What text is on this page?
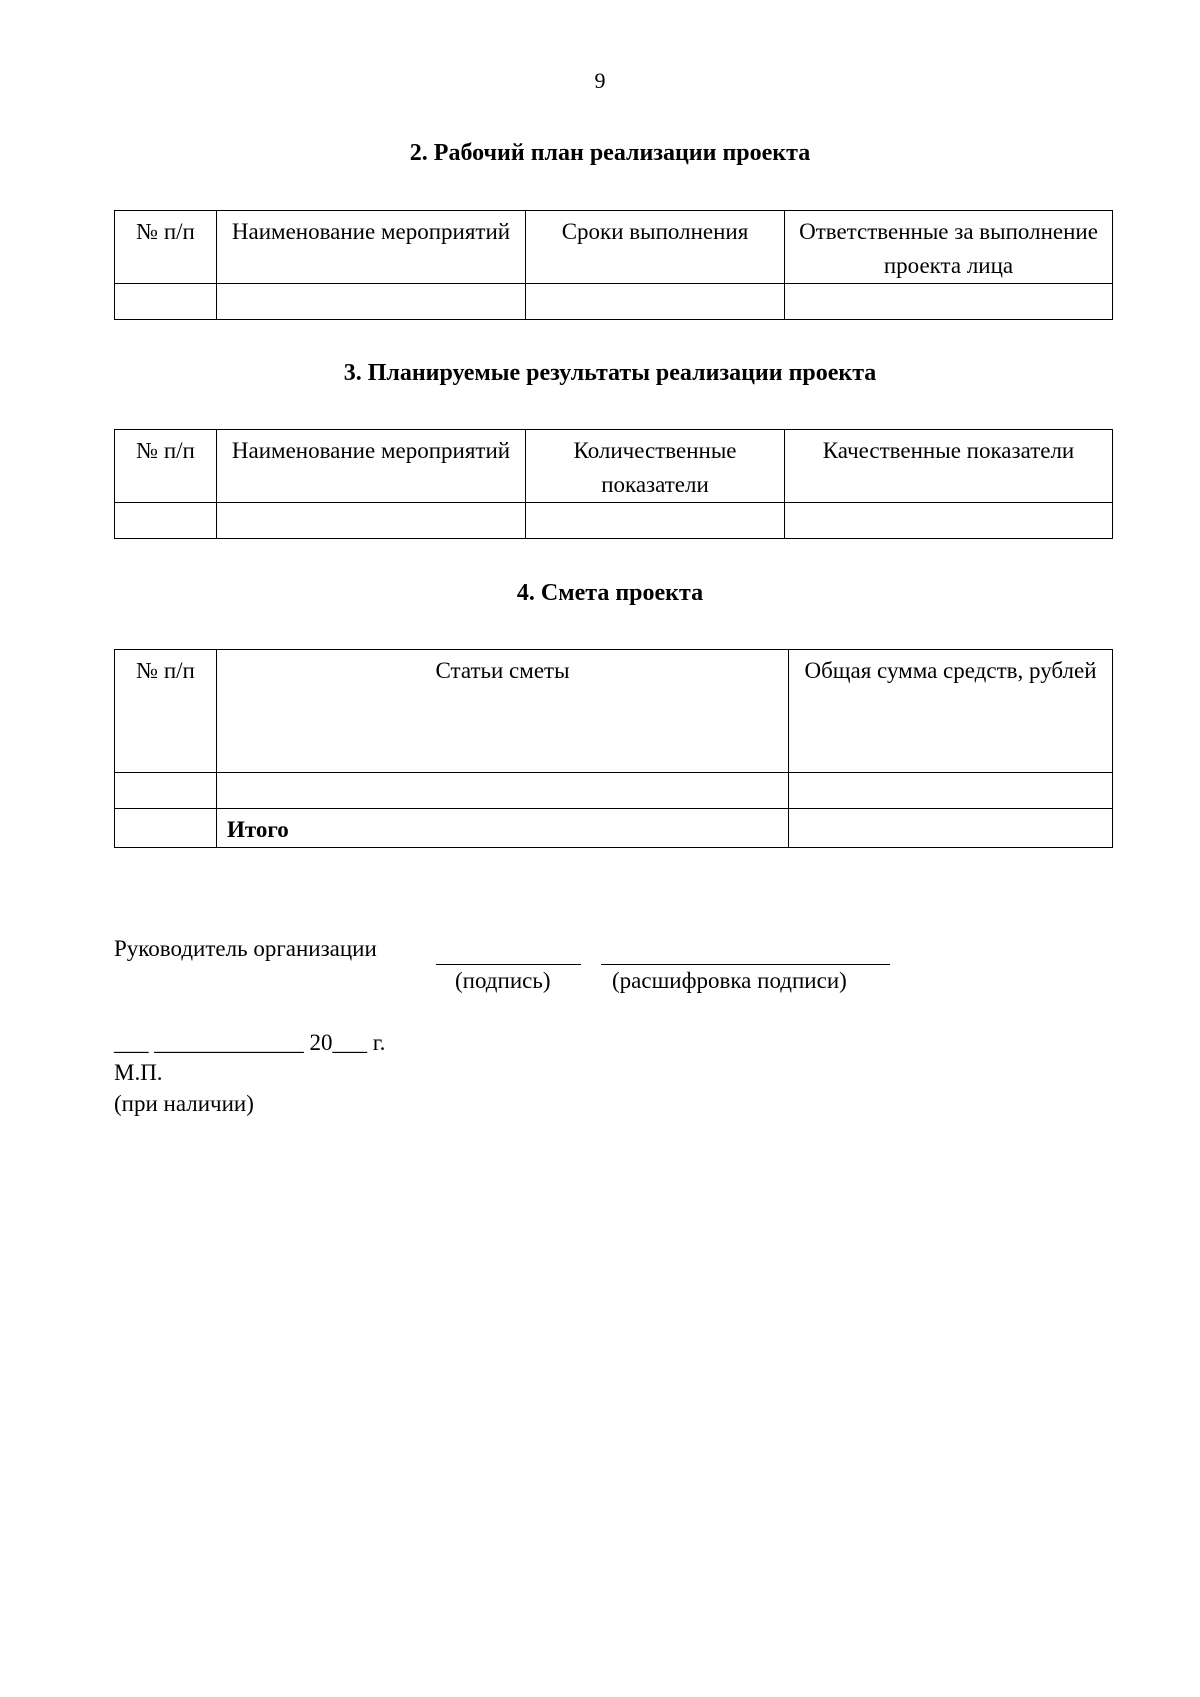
9
2. Рабочий план реализации проекта
№ п/п	Наименование мероприятий	Сроки выполнения	Ответственные за выполнение проекта лица

3. Планируемые результаты реализации проекта
№ п/п	Наименование мероприятий	Количественные показатели	Качественные показатели

4. Смета проекта
№ п/п	Статьи сметы	Общая сумма средств, рублей

	Итого	
Руководитель организации
(подпись)	(расшифровка подписи)
___ _____________ 20___ г.
М.П.
(при наличии)
